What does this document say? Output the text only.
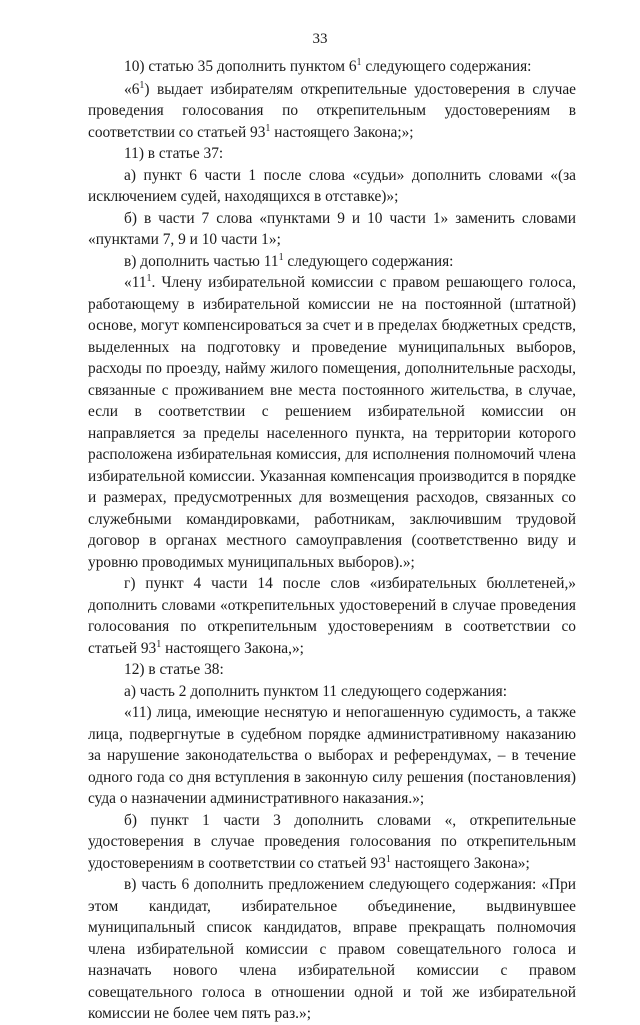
33

10) статью 35 дополнить пунктом $6^1$ следующего содержания:

«$6^1$) выдает избирателям открепительные удостоверения в случае проведения голосования по открепительным удостоверениям в соответствии со статьей $93^1$ настоящего Закона;»;

11) в статье 37:

а) пункт 6 части 1 после слова «судьи» дополнить словами «(за исключением судей, находящихся в отставке)»;

б) в части 7 слова «пунктами 9 и 10 части 1» заменить словами «пунктами 7, 9 и 10 части 1»;

в) дополнить частью $11^1$ следующего содержания:

«$11^1$. Члену избирательной комиссии с правом решающего голоса, работающему в избирательной комиссии не на постоянной (штатной) основе, могут компенсироваться за счет и в пределах бюджетных средств, выделенных на подготовку и проведение муниципальных выборов, расходы по проезду, найму жилого помещения, дополнительные расходы, связанные с проживанием вне места постоянного жительства, в случае, если в соответствии с решением избирательной комиссии он направляется за пределы населенного пункта, на территории которого расположена избирательная комиссия, для исполнения полномочий члена избирательной комиссии. Указанная компенсация производится в порядке и размерах, предусмотренных для возмещения расходов, связанных со служебными командировками, работникам, заключившим трудовой договор в органах местного самоуправления (соответственно виду и уровню проводимых муниципальных выборов).»;

г) пункт 4 части 14 после слов «избирательных бюллетеней,» дополнить словами «открепительных удостоверений в случае проведения голосования по открепительным удостоверениям в соответствии со статьей $93^1$ настоящего Закона,»;

12) в статье 38:

а) часть 2 дополнить пунктом 11 следующего содержания:

«11) лица, имеющие неснятую и непогашенную судимость, а также лица, подвергнутые в судебном порядке административному наказанию за нарушение законодательства о выборах и референдумах, – в течение одного года со дня вступления в законную силу решения (постановления) суда о назначении административного наказания.»;

б) пункт 1 части 3 дополнить словами «, открепительные удостоверения в случае проведения голосования по открепительным удостоверениям в соответствии со статьей $93^1$ настоящего Закона»;

в) часть 6 дополнить предложением следующего содержания: «При этом кандидат, избирательное объединение, выдвинувшее муниципальный список кандидатов, вправе прекращать полномочия члена избирательной комиссии с правом совещательного голоса и назначать нового члена избирательной комиссии с правом совещательного голоса в отношении одной и той же избирательной комиссии не более чем пять раз.»;
